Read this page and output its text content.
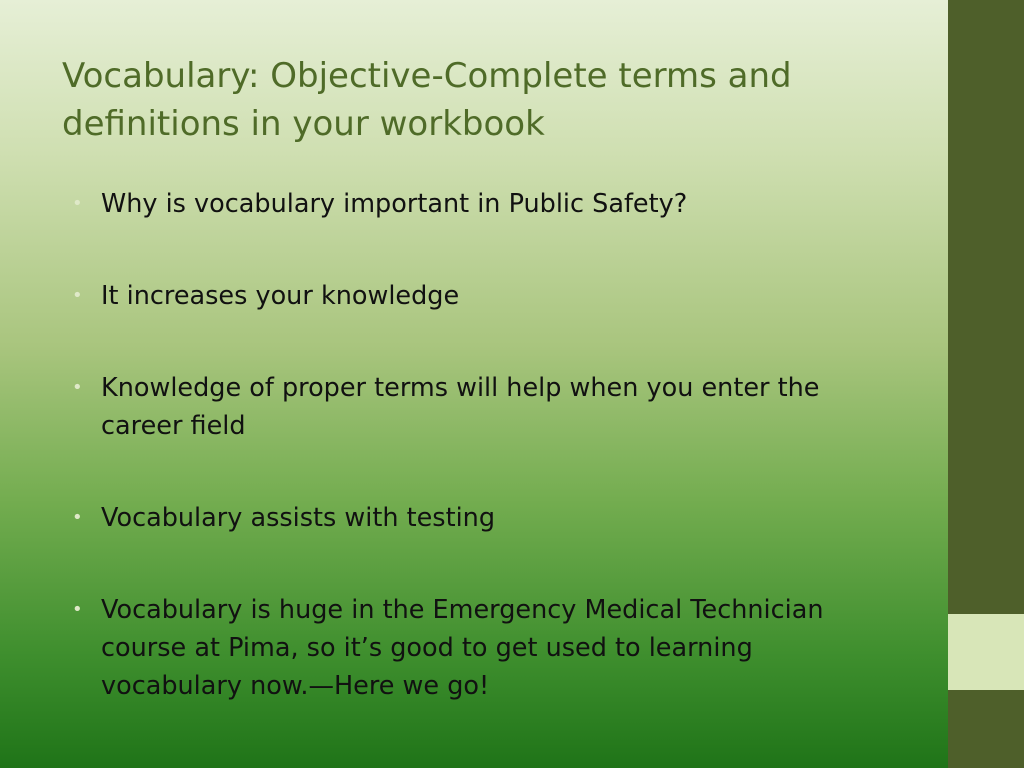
Vocabulary: Objective-Complete terms and definitions in your workbook
• Why is vocabulary important in Public Safety?
• It increases your knowledge
• Knowledge of proper terms will help when you enter the career field
• Vocabulary assists with testing
• Vocabulary is huge in the Emergency Medical Technician course at Pima, so it’s good to get used to learning vocabulary now.—Here we go!
